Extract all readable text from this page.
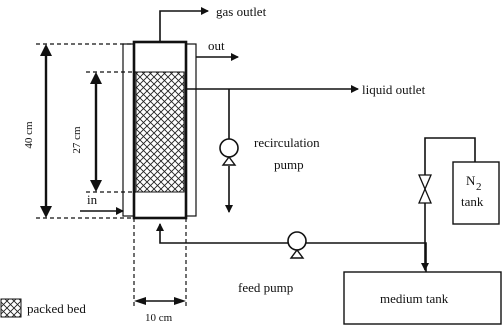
gas outlet
out
liquid outlet
recirculation
pump
feed pump
in
N 2
tank
medium tank
40 cm	27 cm
10 cm
packed bed
